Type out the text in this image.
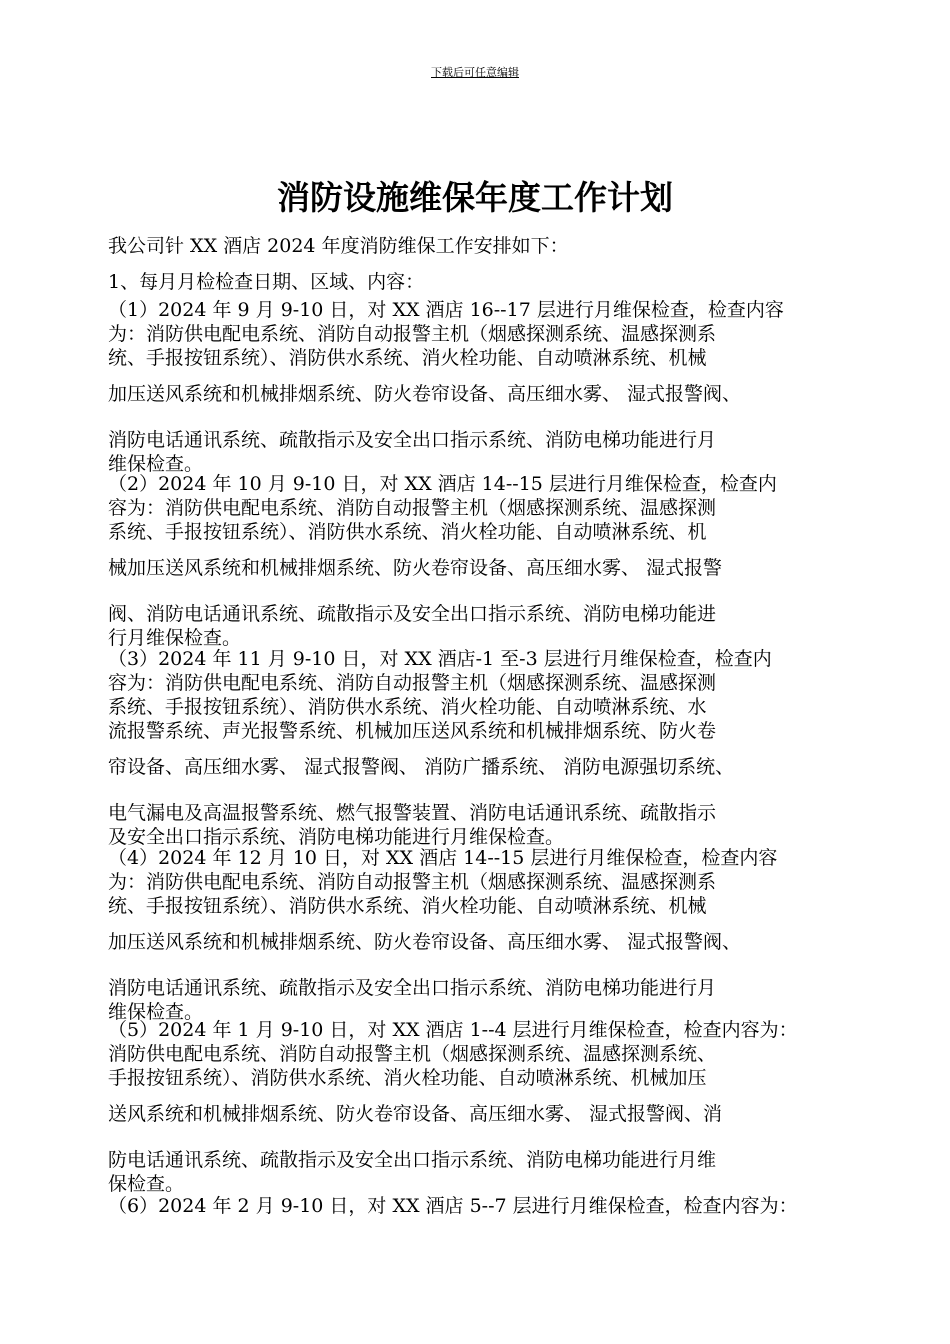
下载后可任意编辑
消防设施维保年度工作计划
我公司针 XX 酒店 2024 年度消防维保工作安排如下：
1、每月月检检查日期、区域、内容：
（1）2024 年 9 月 9-10 日，对 XX 酒店 16--17 层进行月维保检查，检查内容
为：消防供电配电系统、消防自动报警主机（烟感探测系统、温感探测系
统、手报按钮系统）、消防供水系统、消火栓功能、自动喷淋系统、机械
加压送风系统和机械排烟系统、防火卷帘设备、高压细水雾、 湿式报警阀、
消防电话通讯系统、疏散指示及安全出口指示系统、消防电梯功能进行月
维保检查。
（2）2024 年 10 月 9-10 日，对 XX 酒店 14--15 层进行月维保检查，检查内
容为：消防供电配电系统、消防自动报警主机（烟感探测系统、温感探测
系统、手报按钮系统）、消防供水系统、消火栓功能、自动喷淋系统、机
械加压送风系统和机械排烟系统、防火卷帘设备、高压细水雾、 湿式报警
阀、消防电话通讯系统、疏散指示及安全出口指示系统、消防电梯功能进
行月维保检查。
（3）2024 年 11 月 9-10 日，对 XX 酒店-1 至-3 层进行月维保检查，检查内
容为：消防供电配电系统、消防自动报警主机（烟感探测系统、温感探测
系统、手报按钮系统）、消防供水系统、消火栓功能、自动喷淋系统、水
流报警系统、声光报警系统、机械加压送风系统和机械排烟系统、防火卷
帘设备、高压细水雾、 湿式报警阀、 消防广播系统、 消防电源强切系统、
电气漏电及高温报警系统、燃气报警装置、消防电话通讯系统、疏散指示
及安全出口指示系统、消防电梯功能进行月维保检查。
（4）2024 年 12 月 10 日，对 XX 酒店 14--15 层进行月维保检查，检查内容
为：消防供电配电系统、消防自动报警主机（烟感探测系统、温感探测系
统、手报按钮系统）、消防供水系统、消火栓功能、自动喷淋系统、机械
加压送风系统和机械排烟系统、防火卷帘设备、高压细水雾、 湿式报警阀、
消防电话通讯系统、疏散指示及安全出口指示系统、消防电梯功能进行月
维保检查。
（5）2024 年 1 月 9-10 日，对 XX 酒店 1--4 层进行月维保检查，检查内容为：
消防供电配电系统、消防自动报警主机（烟感探测系统、温感探测系统、
手报按钮系统）、消防供水系统、消火栓功能、自动喷淋系统、机械加压
送风系统和机械排烟系统、防火卷帘设备、高压细水雾、 湿式报警阀、消
防电话通讯系统、疏散指示及安全出口指示系统、消防电梯功能进行月维
保检查。
（6）2024 年 2 月 9-10 日，对 XX 酒店 5--7 层进行月维保检查，检查内容为：
